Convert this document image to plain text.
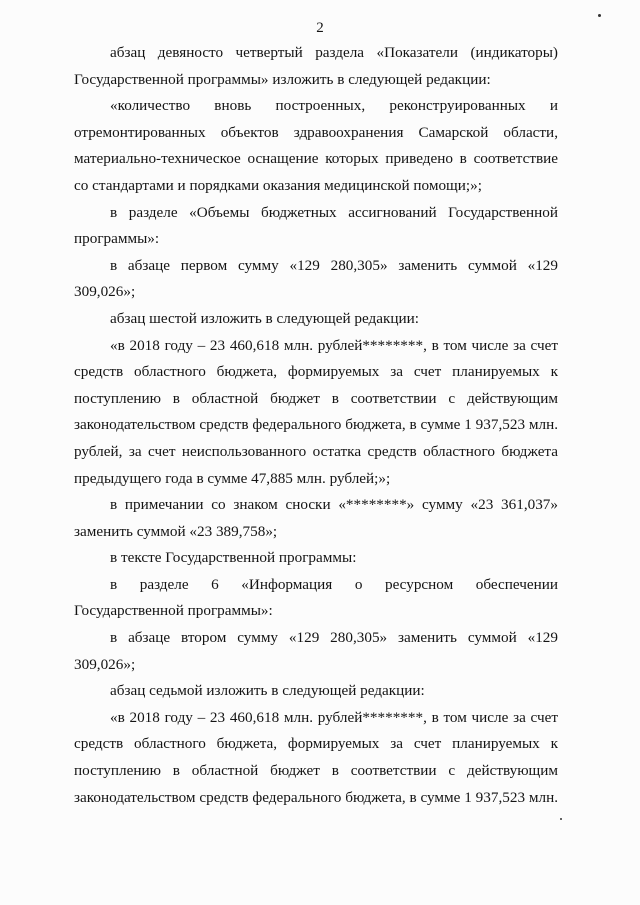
2

абзац девяносто четвертый раздела «Показатели (индикаторы) Государственной программы» изложить в следующей редакции:

«количество вновь построенных, реконструированных и отремонтированных объектов здравоохранения Самарской области, материально-техническое оснащение которых приведено в соответствие со стандартами и порядками оказания медицинской помощи;»;

в разделе «Объемы бюджетных ассигнований Государственной программы»:

в абзаце первом сумму «129 280,305» заменить суммой «129 309,026»;

абзац шестой изложить в следующей редакции:

«в 2018 году – 23 460,618 млн. рублей********, в том числе за счет средств областного бюджета, формируемых за счет планируемых к поступлению в областной бюджет в соответствии с действующим законодательством средств федерального бюджета, в сумме 1 937,523 млн. рублей, за счет неиспользованного остатка средств областного бюджета предыдущего года в сумме 47,885 млн. рублей;»;

в примечании со знаком сноски «********» сумму «23 361,037» заменить суммой «23 389,758»;

в тексте Государственной программы:

в разделе 6 «Информация о ресурсном обеспечении Государственной программы»:

в абзаце втором сумму «129 280,305» заменить суммой «129 309,026»;

абзац седьмой изложить в следующей редакции:

«в 2018 году – 23 460,618 млн. рублей********, в том числе за счет средств областного бюджета, формируемых за счет планируемых к поступлению в областной бюджет в соответствии с действующим законодательством средств федерального бюджета, в сумме 1 937,523 млн.
